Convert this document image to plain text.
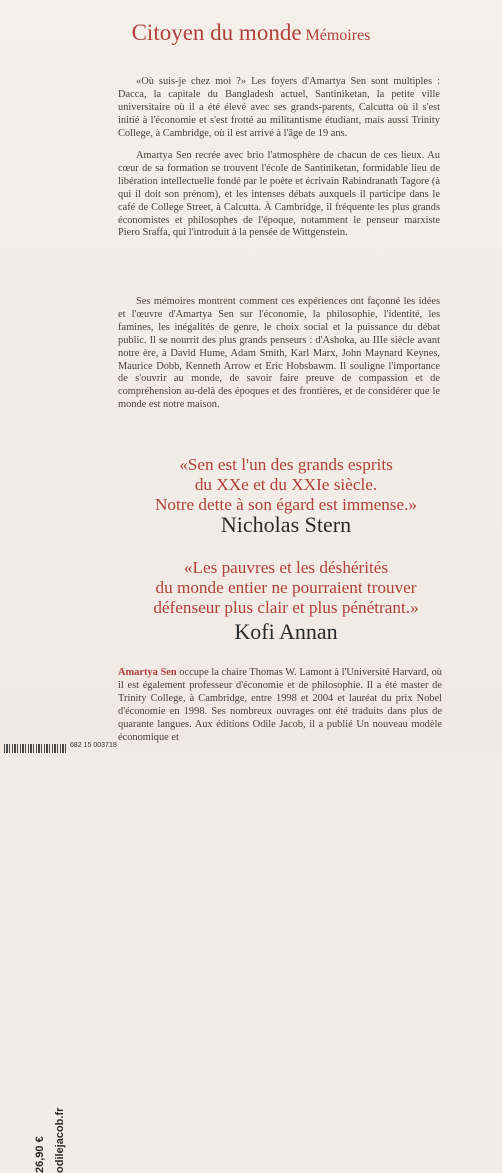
Citoyen du monde Mémoires

«Où suis-je chez moi ?» Les foyers d'Amartya Sen sont multiples : Dacca, la capitale du Bangladesh actuel, Santiniketan, la petite ville universitaire où il a été élevé avec ses grands-parents, Calcutta où il s'est initié à l'économie et s'est frotté au militantisme étudiant, mais aussi Trinity College, à Cambridge, où il est arrivé à l'âge de 19 ans.

Amartya Sen recrée avec brio l'atmosphère de chacun de ces lieux. Au cœur de sa formation se trouvent l'école de Santiniketan, formidable lieu de libération intellectuelle fondé par le poète et écrivain Rabindranath Tagore (à qui il doit son prénom), et les intenses débats auxquels il participe dans le café de College Street, à Calcutta. À Cambridge, il fréquente les plus grands économistes et philosophes de l'époque, notamment le penseur marxiste Piero Sraffa, qui l'introduit à la pensée de Wittgenstein.

Ses mémoires montrent comment ces expériences ont façonné les idées et l'œuvre d'Amartya Sen sur l'économie, la philosophie, l'identité, les famines, les inégalités de genre, le choix social et la puissance du débat public. Il se nourrit des plus grands penseurs : d'Ashoka, au IIIe siècle avant notre ère, à David Hume, Adam Smith, Karl Marx, John Maynard Keynes, Maurice Dobb, Kenneth Arrow et Eric Hobsbawm. Il souligne l'importance de s'ouvrir au monde, de savoir faire preuve de compassion et de compréhension au-delà des époques et des frontières, et de considérer que le monde est notre maison.

«Sen est l'un des grands esprits
du XXe et du XXIe siècle.
Notre dette à son égard est immense.»
Nicholas Stern
«Les pauvres et les déshérités
du monde entier ne pourraient trouver
défenseur plus clair et plus pénétrant.»
Kofi Annan

Amartya Sen occupe la chaire Thomas W. Lamont à l'Université Harvard, où il est également professeur d'économie et de philosophie. Il a été master de Trinity College, à Cambridge, entre 1998 et 2004 et lauréat du prix Nobel d'économie en 1998. Ses nombreux ouvrages ont été traduits dans plus de quarante langues. Aux éditions Odile Jacob, il a publié Un nouveau modèle économique et

26,90 € odilejacob.fr
682 15 003718
